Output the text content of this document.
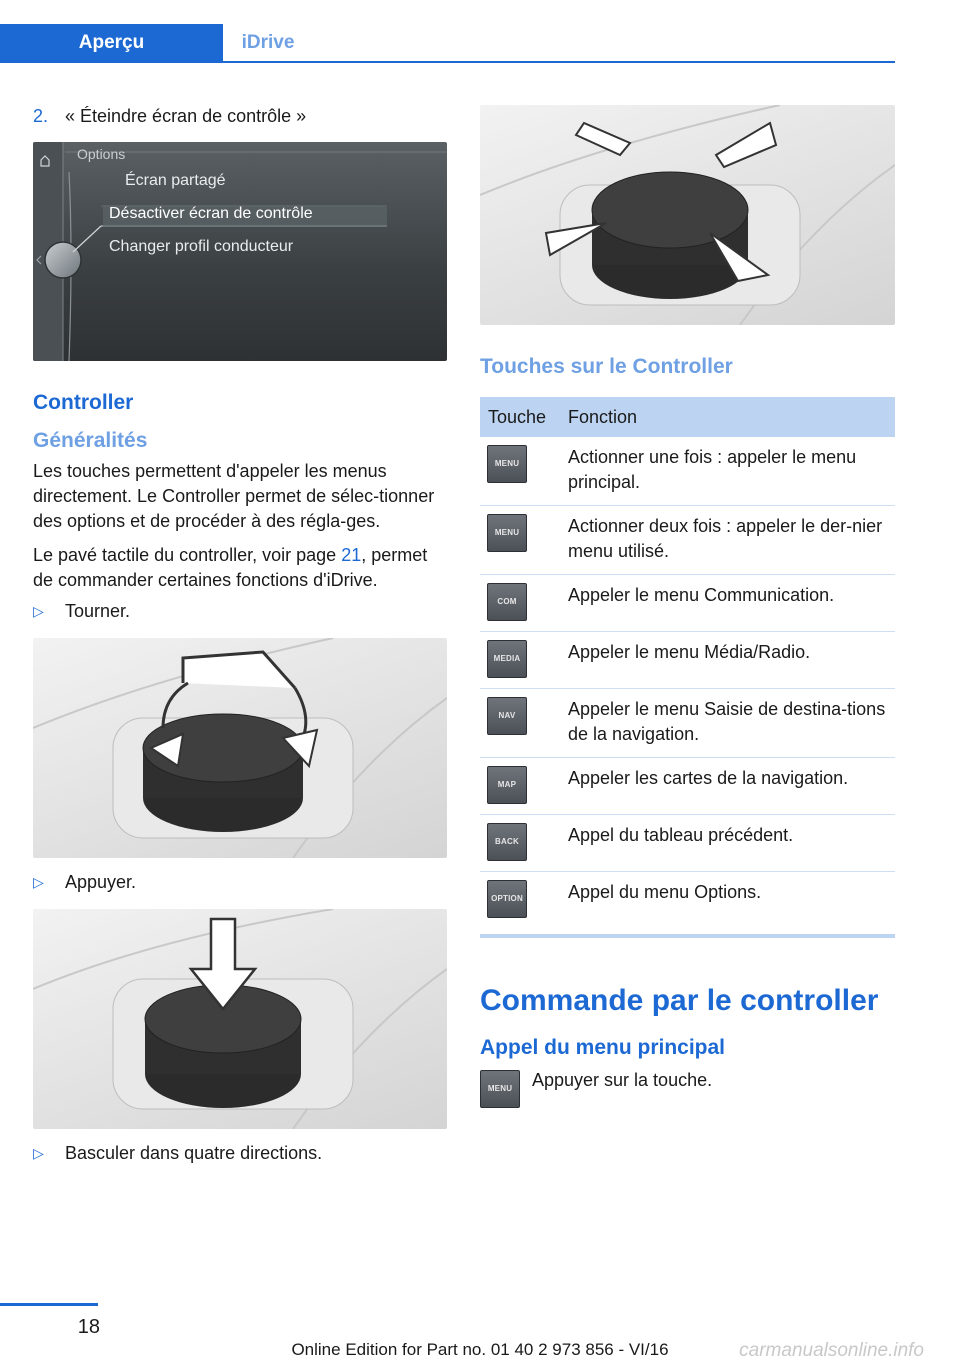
Aperçu	iDrive
2. « Éteindre écran de contrôle »
Options
Écran partagé
Désactiver écran de contrôle
Changer profil conducteur
Controller
Généralités

Les touches permettent d'appeler les menus directement. Le Controller permet de sélec‐tionner des options et de procéder à des régla‐ges.

Le pavé tactile du controller, voir page 21, permet de commander certaines fonctions d'iDrive.

▷	Tourner.
▷	Appuyer.
▷	Basculer dans quatre directions.
Touches sur le Controller
Touche	Fonction

MENU	Actionner une fois : appeler le menu principal.

MENU	Actionner deux fois : appeler le der‐nier menu utilisé.

COM	Appeler le menu Communication.

MEDIA	Appeler le menu Média/Radio.

NAV	Appeler le menu Saisie de destina‐tions de la navigation.

MAP	Appeler les cartes de la navigation.

BACK	Appel du tableau précédent.

OPTION	Appel du menu Options.
Commande par le controller
Appel du menu principal
MENU	Appuyer sur la touche.

18
Online Edition for Part no. 01 40 2 973 856 - VI/16	carmanualsonline.info
